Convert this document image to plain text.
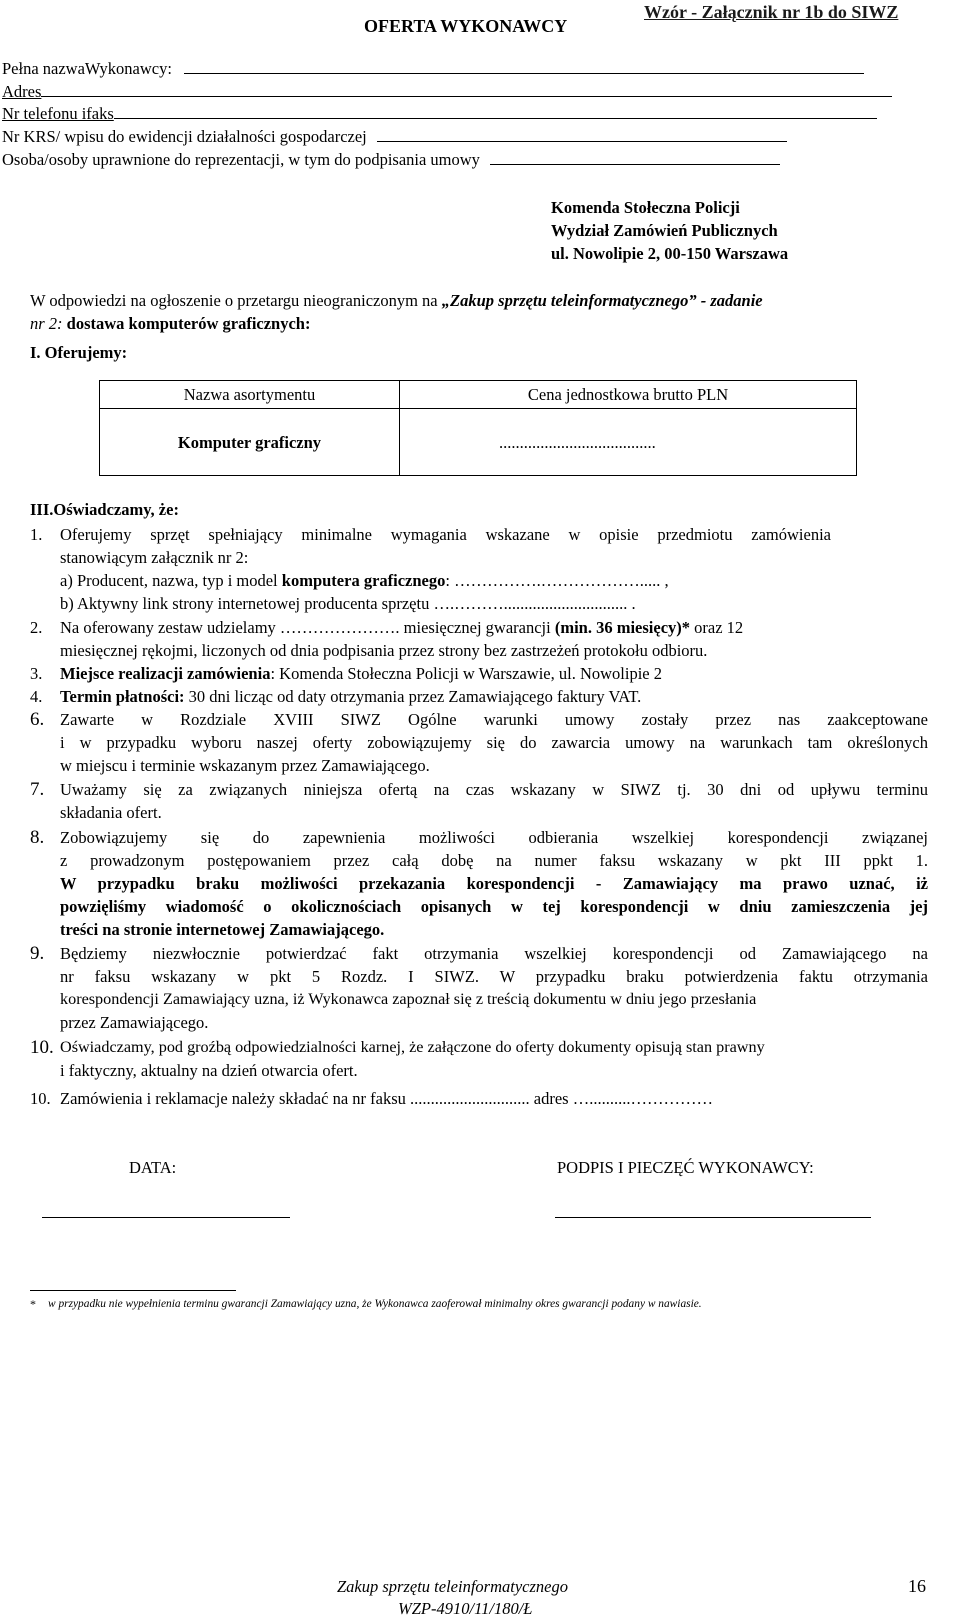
OFERTA WYKONAWCY
Wzór - Załącznik nr 1b do SIWZ
Pełna nazwaWykonawcy:
Adres
Nr telefonu ifaks
Nr KRS/ wpisu do ewidencji działalności gospodarczej
Osoba/osoby uprawnione do reprezentacji, w tym do podpisania umowy
Komenda Stołeczna Policji
Wydział Zamówień Publicznych
ul. Nowolipie 2, 00-150 Warszawa
W odpowiedzi na ogłoszenie o przetargu nieograniczonym na „Zakup sprzętu teleinformatycznego” - zadanie
nr 2: dostawa komputerów graficznych:
I. Oferujemy:
Nazwa asortymentu	Cena jednostkowa brutto PLN
Komputer graficzny	......................................
III.Oświadczamy, że:
1. Oferujemy sprzęt spełniający minimalne wymagania wskazane w opisie przedmiotu zamówienia
stanowiącym załącznik nr 2:
a) Producent, nazwa, typ i model komputera graficznego: …………….………………..... ,
b) Aktywny link strony internetowej producenta sprzętu ….……….............................. .
2. Na oferowany zestaw udzielamy …………………. miesięcznej gwarancji (min. 36 miesięcy)* oraz 12
miesięcznej rękojmi, liczonych od dnia podpisania przez strony bez zastrzeżeń protokołu odbioru.
3. Miejsce realizacji zamówienia: Komenda Stołeczna Policji w Warszawie, ul. Nowolipie 2
4. Termin płatności: 30 dni licząc od daty otrzymania przez Zamawiającego faktury VAT.
6. Zawarte w Rozdziale XVIII SIWZ Ogólne warunki umowy zostały przez nas zaakceptowane
i w przypadku wyboru naszej oferty zobowiązujemy się do zawarcia umowy na warunkach tam określonych
w miejscu i terminie wskazanym przez Zamawiającego.
7. Uważamy się za związanych niniejsza ofertą na czas wskazany w SIWZ tj. 30 dni od upływu terminu
składania ofert.
8. Zobowiązujemy się do zapewnienia możliwości odbierania wszelkiej korespondencji związanej
z prowadzonym postępowaniem przez całą dobę na numer faksu wskazany w pkt III ppkt 1.
W przypadku braku możliwości przekazania korespondencji - Zamawiający ma prawo uznać, iż
powzięliśmy wiadomość o okolicznościach opisanych w tej korespondencji w dniu zamieszczenia jej
treści na stronie internetowej Zamawiającego.
9. Będziemy niezwłocznie potwierdzać fakt otrzymania wszelkiej korespondencji od Zamawiającego na
nr faksu wskazany w pkt 5 Rozdz. I SIWZ. W przypadku braku potwierdzenia faktu otrzymania
korespondencji Zamawiający uzna, iż Wykonawca zapoznał się z treścią dokumentu w dniu jego przesłania
przez Zamawiającego.
10. Oświadczamy, pod groźbą odpowiedzialności karnej, że załączone do oferty dokumenty opisują stan prawny
i faktyczny, aktualny na dzień otwarcia ofert.
10. Zamówienia i reklamacje należy składać na nr faksu ............................. adres …..........……………
DATA:	PODPIS I PIECZĘĆ WYKONAWCY:
* w przypadku nie wypełnienia terminu gwarancji Zamawiający uzna, że Wykonawca zaoferował minimalny okres gwarancji podany w nawiasie.
Zakup sprzętu teleinformatycznego
WZP-4910/11/180/Ł
16
